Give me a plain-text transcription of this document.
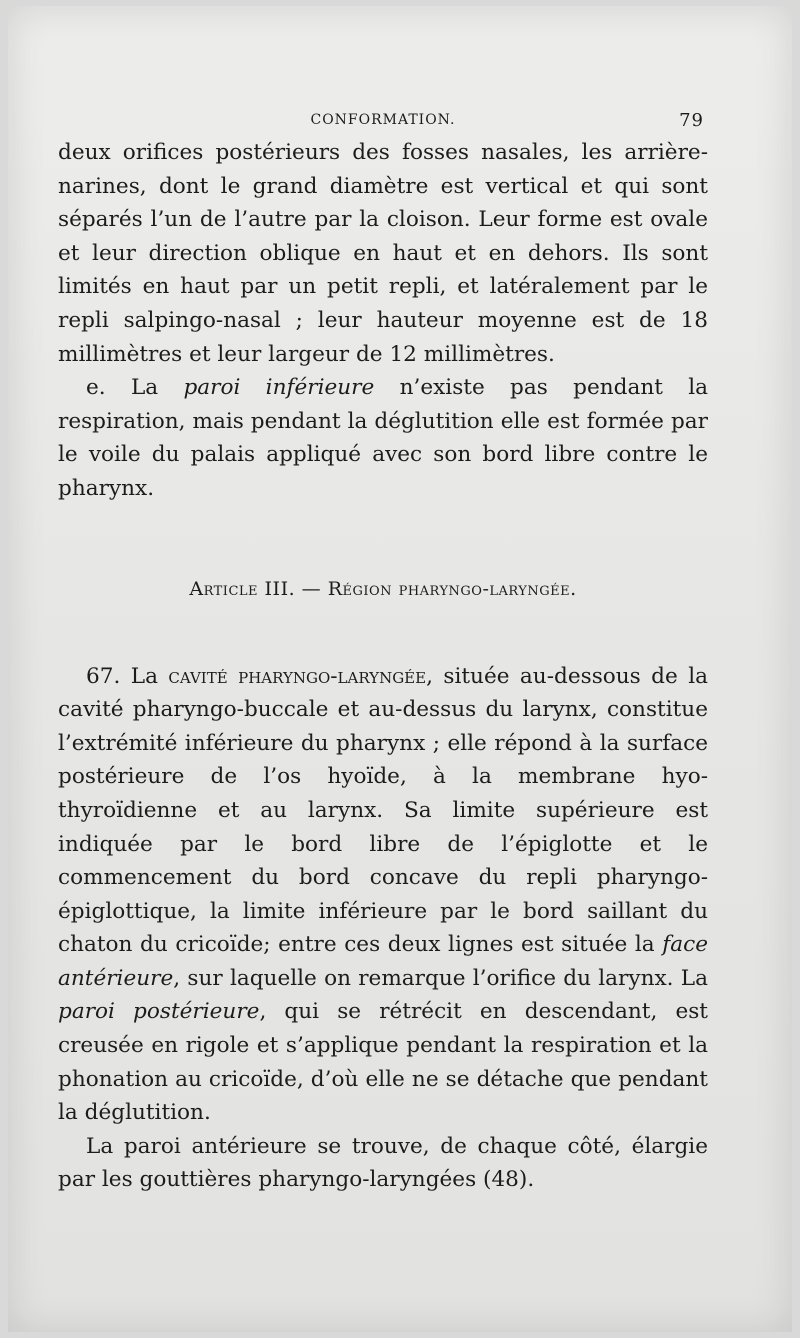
CONFORMATION.	79

deux orifices postérieurs des fosses nasales, les arrière-narines, dont le grand diamètre est vertical et qui sont séparés l’un de l’autre par la cloison. Leur forme est ovale et leur direction oblique en haut et en dehors. Ils sont limités en haut par un petit repli, et latéralement par le repli salpingo-nasal ; leur hauteur moyenne est de 18 millimètres et leur largeur de 12 millimètres.

e. La paroi inférieure n’existe pas pendant la respiration, mais pendant la déglutition elle est formée par le voile du palais appliqué avec son bord libre contre le pharynx.

Article III. — Région pharyngo-laryngée.

67. La cavité pharyngo-laryngée, située au-dessous de la cavité pharyngo-buccale et au-dessus du larynx, constitue l’extrémité inférieure du pharynx ; elle répond à la surface postérieure de l’os hyoïde, à la membrane hyo-thyroïdienne et au larynx. Sa limite supérieure est indiquée par le bord libre de l’épiglotte et le commencement du bord concave du repli pharyngo-épiglottique, la limite inférieure par le bord saillant du chaton du cricoïde; entre ces deux lignes est située la face antérieure, sur laquelle on remarque l’orifice du larynx. La paroi postérieure, qui se rétrécit en descendant, est creusée en rigole et s’applique pendant la respiration et la phonation au cricoïde, d’où elle ne se détache que pendant la déglutition.

La paroi antérieure se trouve, de chaque côté, élargie par les gouttières pharyngo-laryngées (48).
